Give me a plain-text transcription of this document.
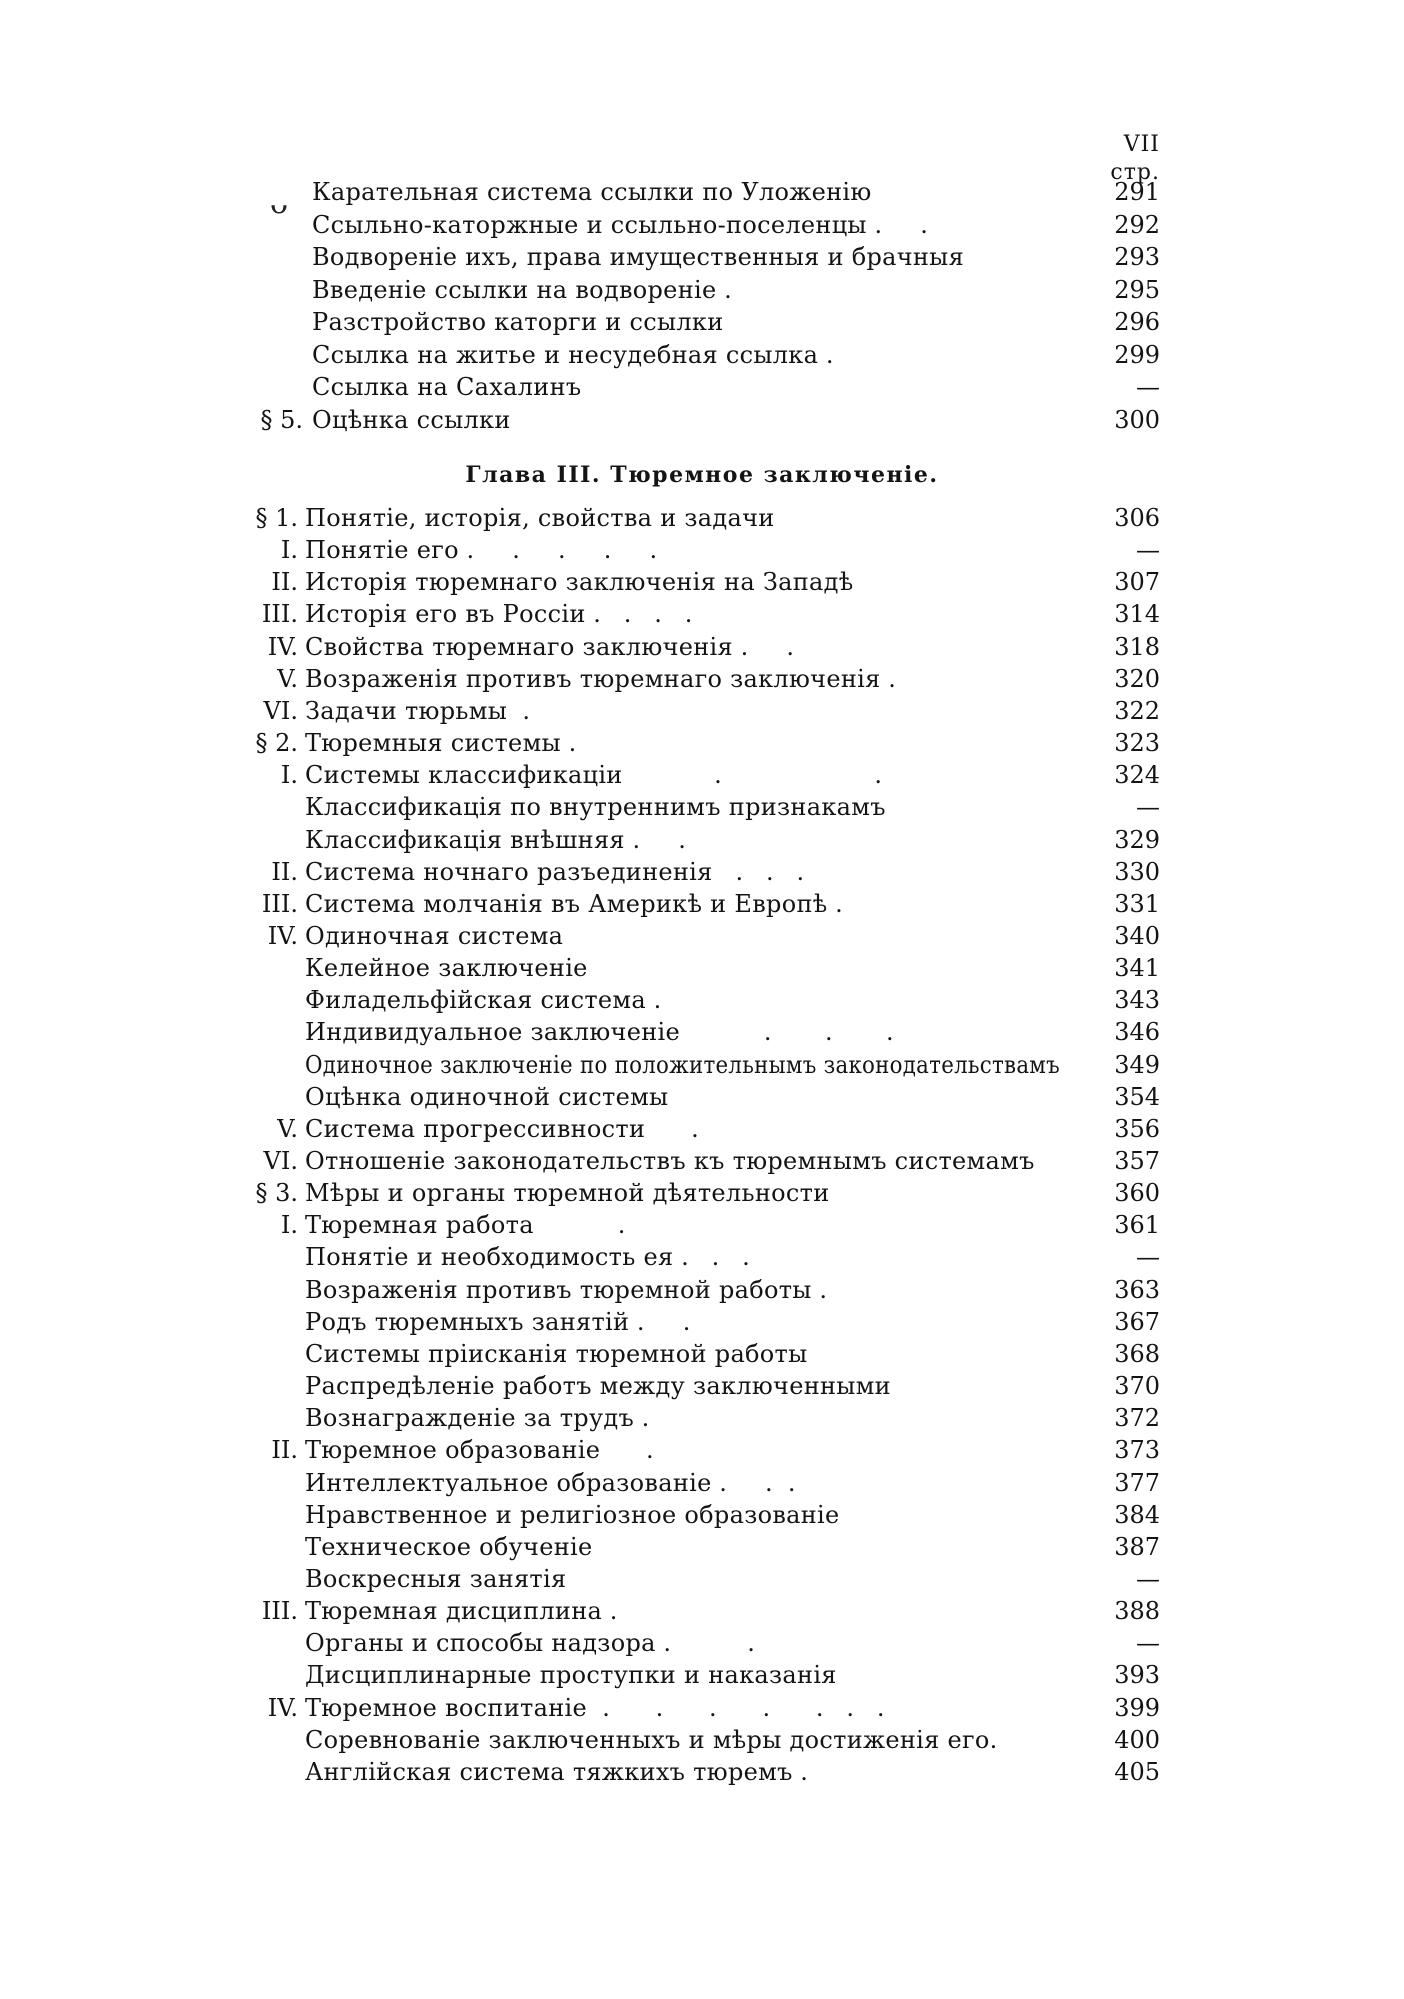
VII
стр.
ᴗ Карательная система ссылки по Уложенію	291
Ссыльно-каторжные и ссыльно-поселенцы .     .	292
Водвореніе ихъ, права имущественныя и брачныя	293
Введеніе ссылки на водвореніе .	295
Разстройство каторги и ссылки	296
Ссылка на житье и несудебная ссылка .	299
Ссылка на Сахалинъ	—
§ 5. Оцѣнка ссылки	300
Глава III. Тюремное заключеніе.
§ 1. Понятіе, исторія, свойства и задачи	306
I. Понятіе его .     .     .     .     .	—
II. Исторія тюремнаго заключенія на Западѣ	307
III. Исторія его въ Россіи .   .   .   .	314
IV. Свойства тюремнаго заключенія .     .	318
V. Возраженія противъ тюремнаго заключенія .	320
VI. Задачи тюрьмы .	322
§ 2. Тюремныя системы .	323
I. Системы классификаціи .                    .	324
Классификація по внутреннимъ признакамъ	—
Классификація внѣшняя .     .	329
II. Система ночнаго разъединенія .   .   .	330
III. Система молчанія въ Америкѣ и Европѣ .	331
IV. Одиночная система	340
Келейное заключеніе	341
Филадельфійская система .	343
Индивидуальное заключеніе .       .       .	346
Одиночное заключеніе по положительнымъ законодательствамъ	349
Оцѣнка одиночной системы	354
V. Система прогрессивности .	356
VI. Отношеніе законодательствъ къ тюремнымъ системамъ	357
§ 3. Мѣры и органы тюремной дѣятельности	360
I. Тюремная работа .	361
Понятіе и необходимость ея .   .   .	—
Возраженія противъ тюремной работы .	363
Родъ тюремныхъ занятій .     .	367
Системы пріисканія тюремной работы	368
Распредѣленіе работъ между заключенными	370
Вознагражденіе за трудъ .	372
II. Тюремное образованіе .	373
Интеллектуальное образованіе .     .  .	377
Нравственное и религіозное образованіе	384
Техническое обученіе	387
Воскресныя занятія	—
III. Тюремная дисциплина .	388
Органы и способы надзора .          .	—
Дисциплинарные проступки и наказанія	393
IV. Тюремное воспитаніе .      .      .      .      .   .   .	399
Соревнованіе заключенныхъ и мѣры достиженія его.	400
Англійская система тяжкихъ тюремъ .	405
